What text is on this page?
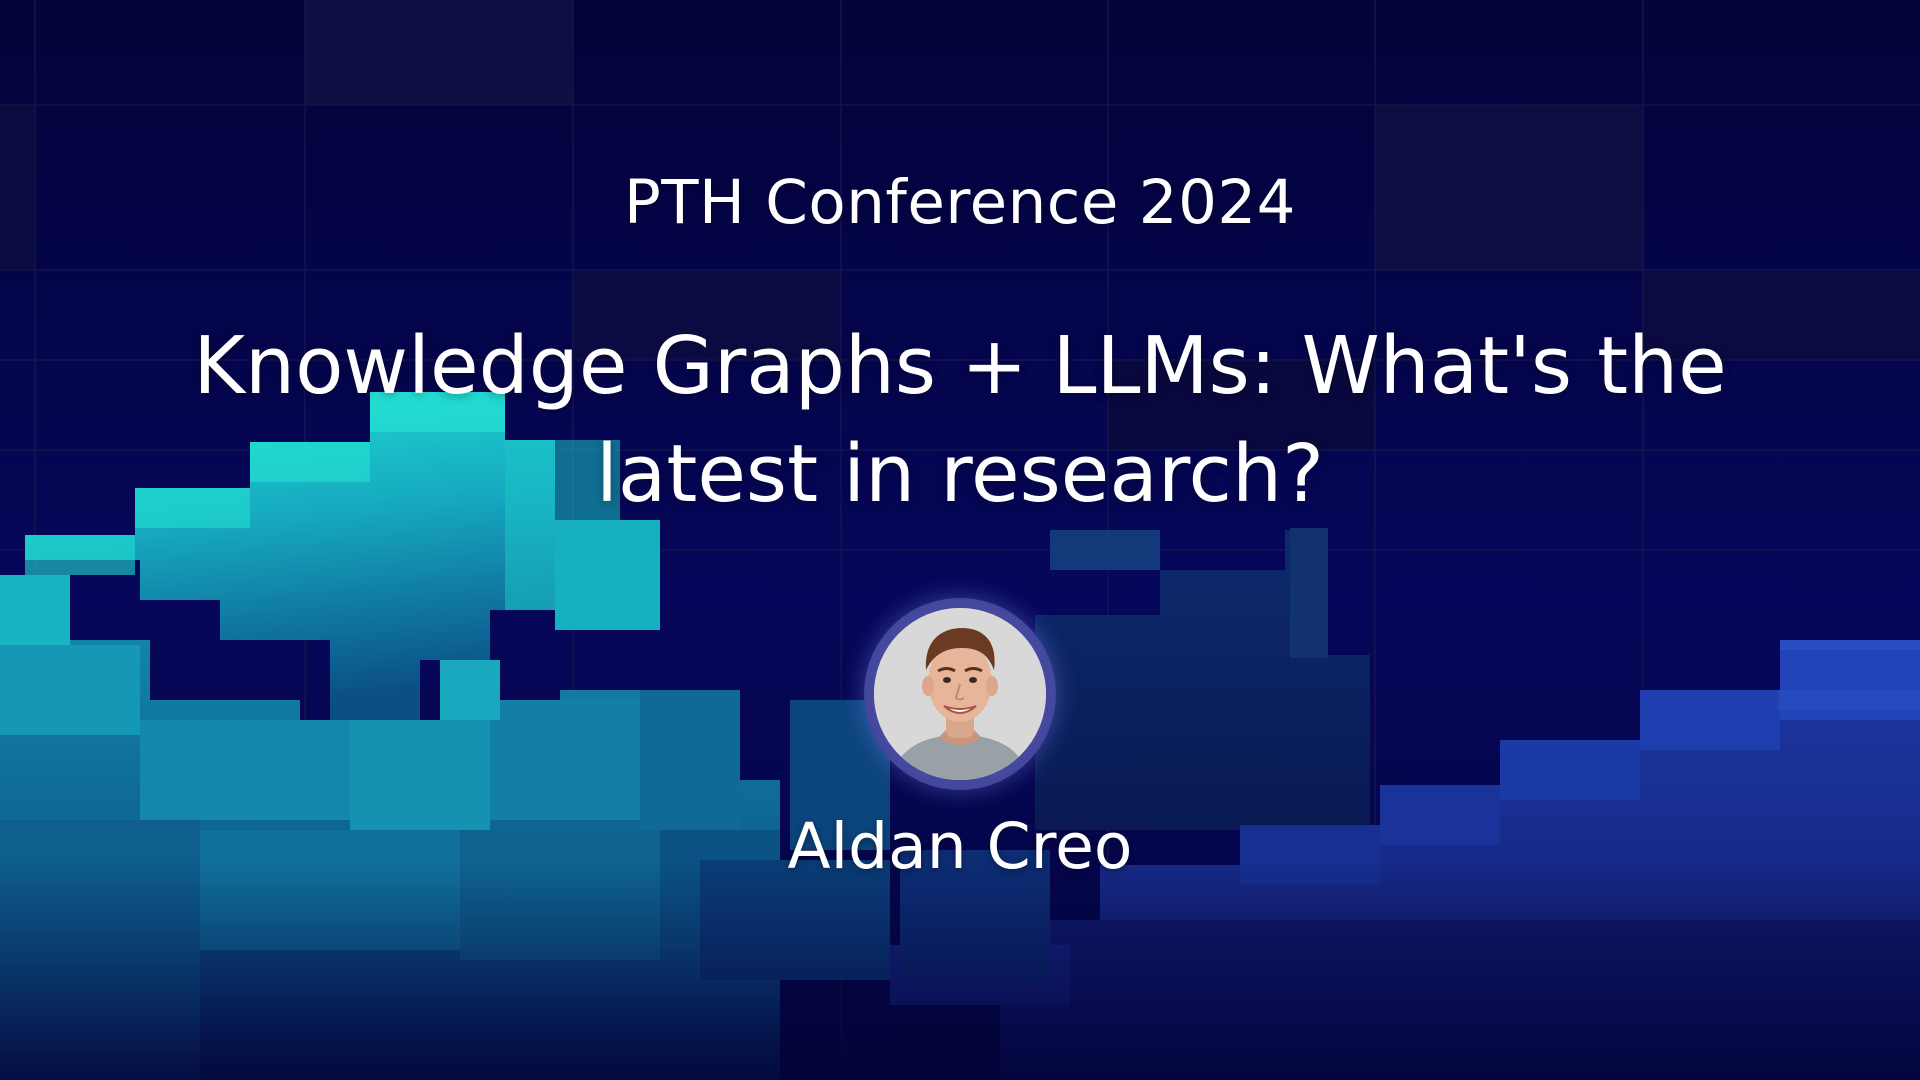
PTH Conference 2024
Knowledge Graphs + LLMs: What's the latest in research?
Aldan Creo
